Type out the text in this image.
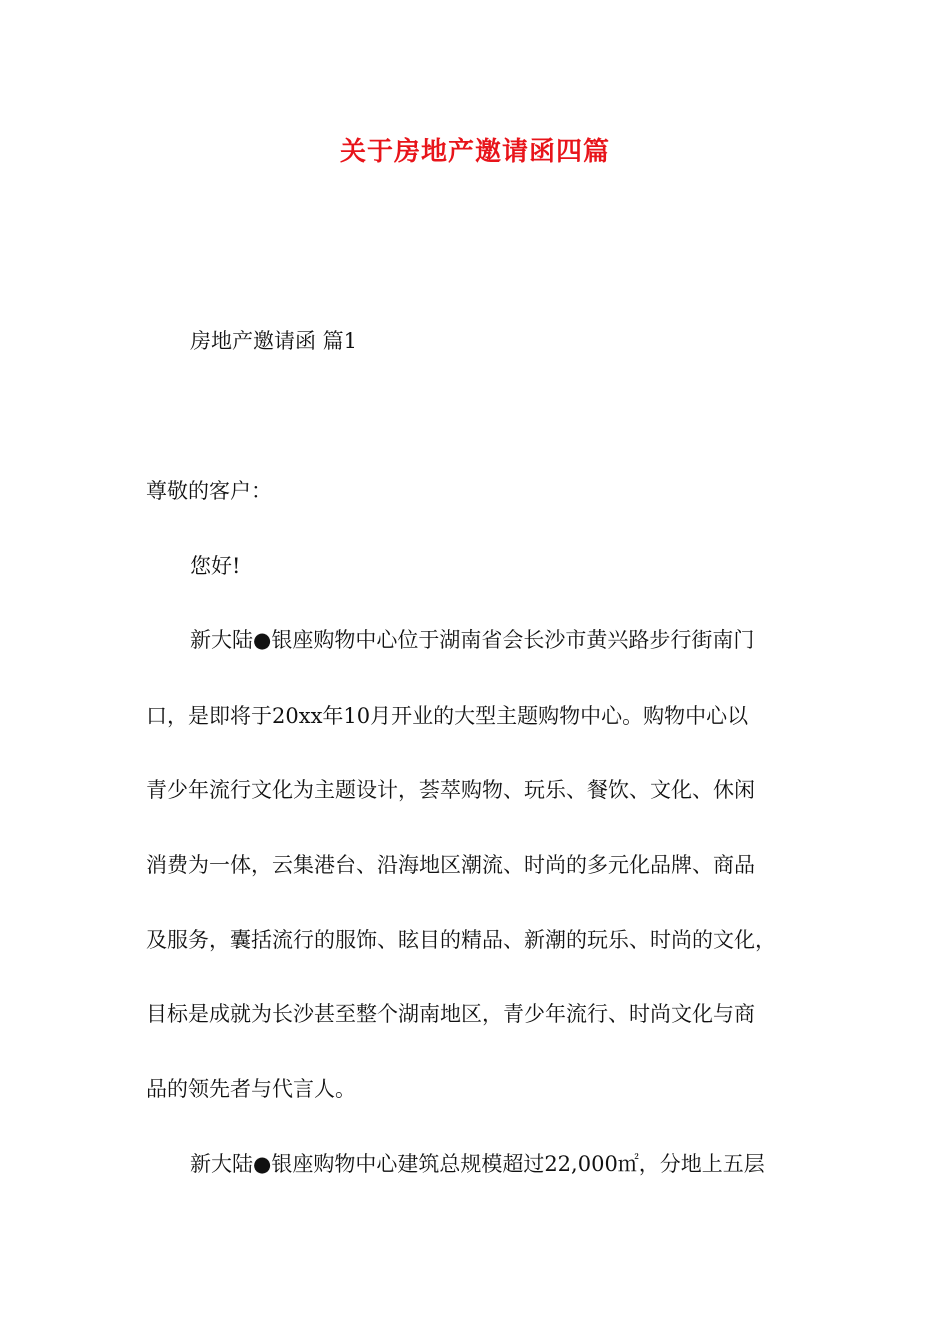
关于房地产邀请函四篇
房地产邀请函 篇1
尊敬的客户：
您好!
新大陆●银座购物中心位于湖南省会长沙市黄兴路步行街南门
口，是即将于20xx年10月开业的大型主题购物中心。购物中心以
青少年流行文化为主题设计，荟萃购物、玩乐、餐饮、文化、休闲
消费为一体，云集港台、沿海地区潮流、时尚的多元化品牌、商品
及服务，囊括流行的服饰、眩目的精品、新潮的玩乐、时尚的文化，
目标是成就为长沙甚至整个湖南地区，青少年流行、时尚文化与商
品的领先者与代言人。
新大陆●银座购物中心建筑总规模超过22,000㎡，分地上五层
